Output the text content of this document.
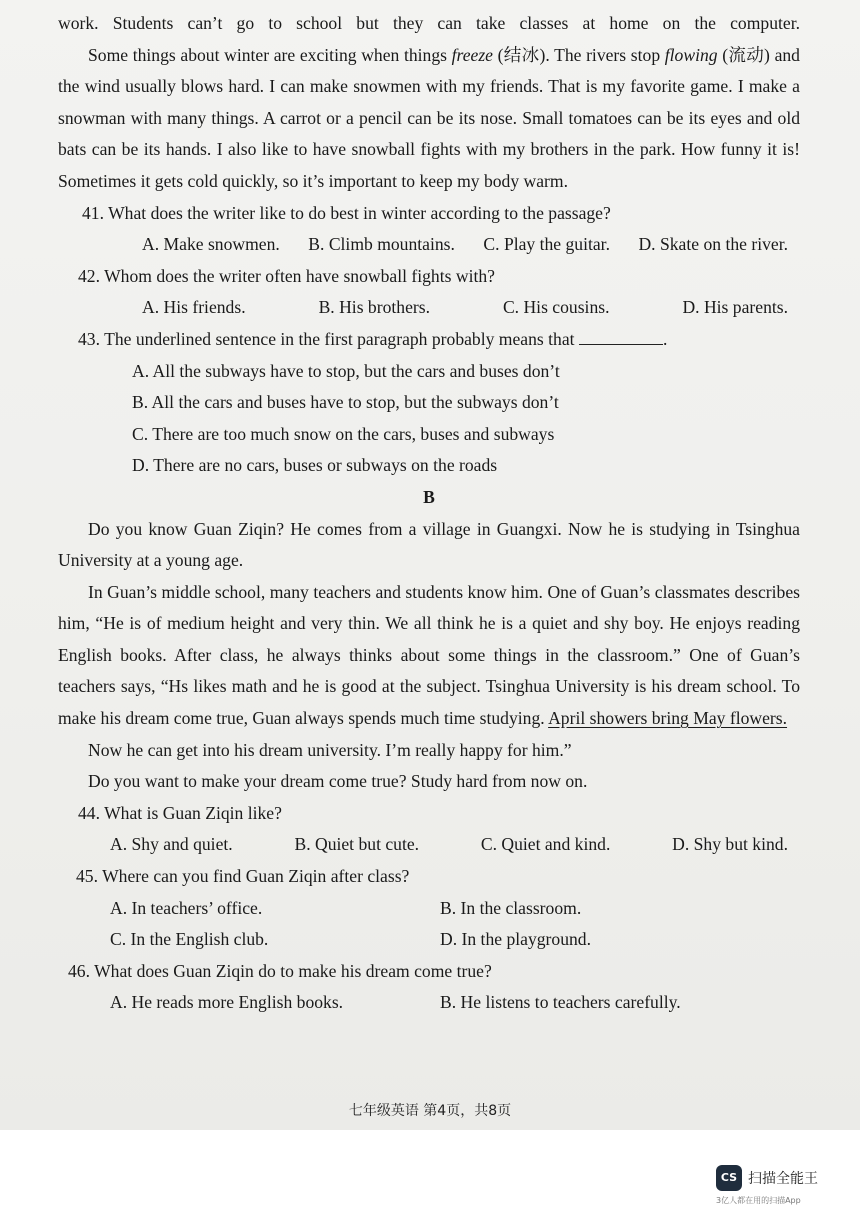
work. Students can’t go to school but they can take classes at home on the computer.

Some things about winter are exciting when things freeze (结冰). The rivers stop flowing (流动) and the wind usually blows hard. I can make snowmen with my friends. That is my favorite game. I make a snowman with many things. A carrot or a pencil can be its nose. Small tomatoes can be its eyes and old bats can be its hands. I also like to have snowball fights with my brothers in the park. How funny it is! Sometimes it gets cold quickly, so it’s important to keep my body warm.

41. What does the writer like to do best in winter according to the passage?

A. Make snowmen. B. Climb mountains. C. Play the guitar. D. Skate on the river.

42. Whom does the writer often have snowball fights with?

A. His friends.	B. His brothers.	C. His cousins.	D. His parents.

43. The underlined sentence in the first paragraph probably means that	.

A. All the subways have to stop, but the cars and buses don’t

B. All the cars and buses have to stop, but the subways don’t

C. There are too much snow on the cars, buses and subways

D. There are no cars, buses or subways on the roads

B

Do you know Guan Ziqin? He comes from a village in Guangxi. Now he is studying in Tsinghua University at a young age.

In Guan’s middle school, many teachers and students know him. One of Guan’s classmates describes him, “He is of medium height and very thin. We all think he is a quiet and shy boy. He enjoys reading English books. After class, he always thinks about some things in the classroom.” One of Guan’s teachers says, “Hs likes math and he is good at the subject. Tsinghua University is his dream school. To make his dream come true, Guan always spends much time studying. April showers bring May flowers.

Now he can get into his dream university. I’m really happy for him.”

Do you want to make your dream come true? Study hard from now on.

44. What is Guan Ziqin like?

A. Shy and quiet.	B. Quiet but cute.	C. Quiet and kind.	D. Shy but kind.

45. Where can you find Guan Ziqin after class?

A. In teachers’ office.	B. In the classroom.
C. In the English club.	D. In the playground.

46. What does Guan Ziqin do to make his dream come true?

A. He reads more English books.	B. He listens to teachers carefully.
七年级英语 第4页，共8页
CS 扫描全能王
3亿人都在用的扫描App
